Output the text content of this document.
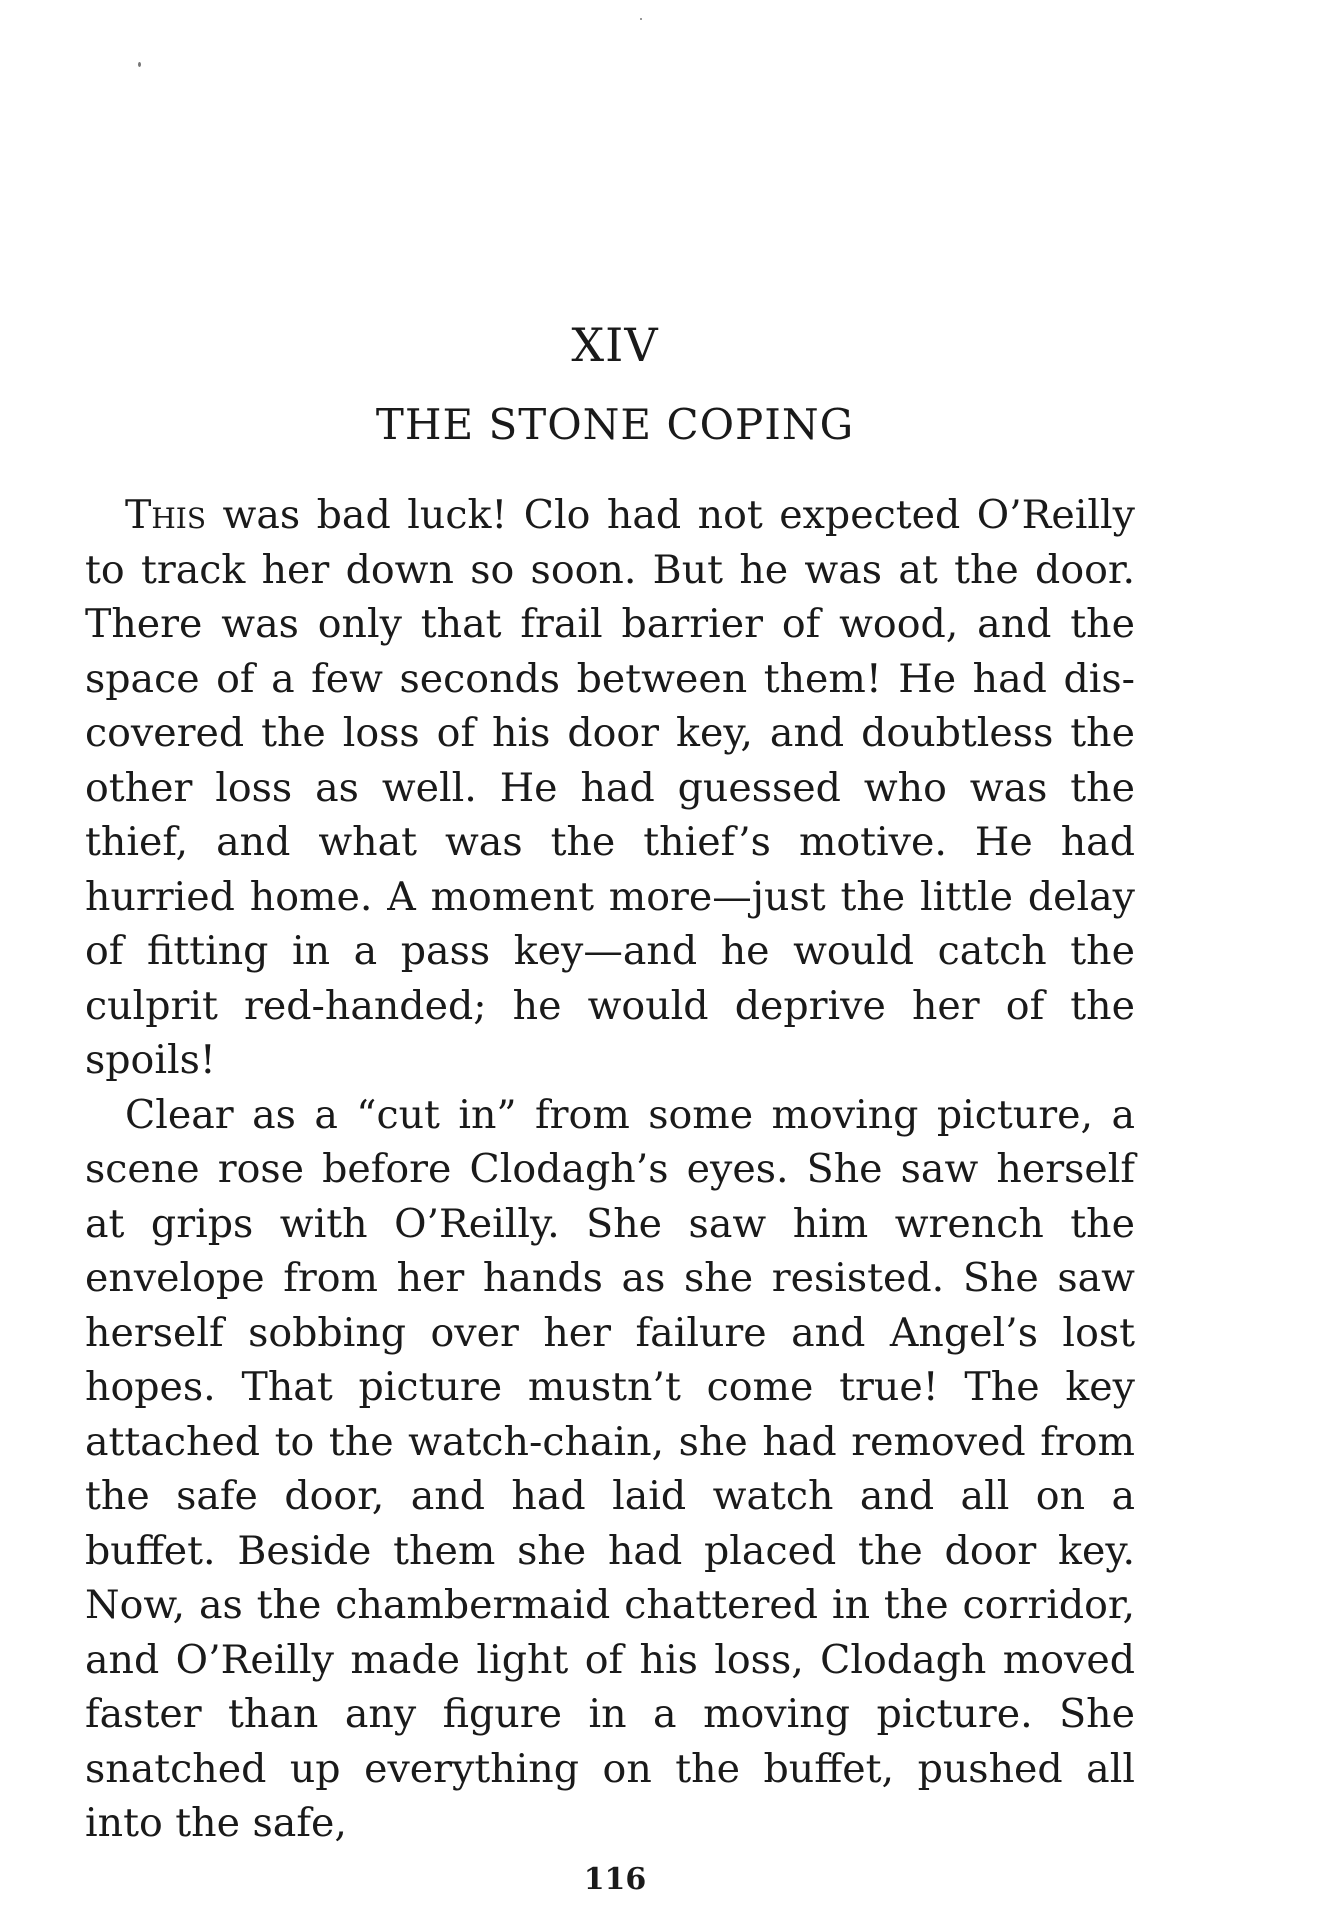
XIV
THE STONE COPING

This was bad luck! Clo had not expected O’Reilly to track her down so soon. But he was at the door. There was only that frail barrier of wood, and the space of a few seconds between them! He had dis-covered the loss of his door key, and doubtless the other loss as well. He had guessed who was the thief, and what was the thief’s motive. He had hurried home. A moment more—just the little delay of fitting in a pass key—and he would catch the culprit red-handed; he would deprive her of the spoils!

Clear as a “cut in” from some moving picture, a scene rose before Clodagh’s eyes. She saw herself at grips with O’Reilly. She saw him wrench the envelope from her hands as she resisted. She saw herself sobbing over her failure and Angel’s lost hopes. That picture mustn’t come true! The key attached to the watch-chain, she had removed from the safe door, and had laid watch and all on a buffet. Beside them she had placed the door key. Now, as the chambermaid chattered in the corridor, and O’Reilly made light of his loss, Clodagh moved faster than any figure in a moving picture. She snatched up everything on the buffet, pushed all into the safe,

116
